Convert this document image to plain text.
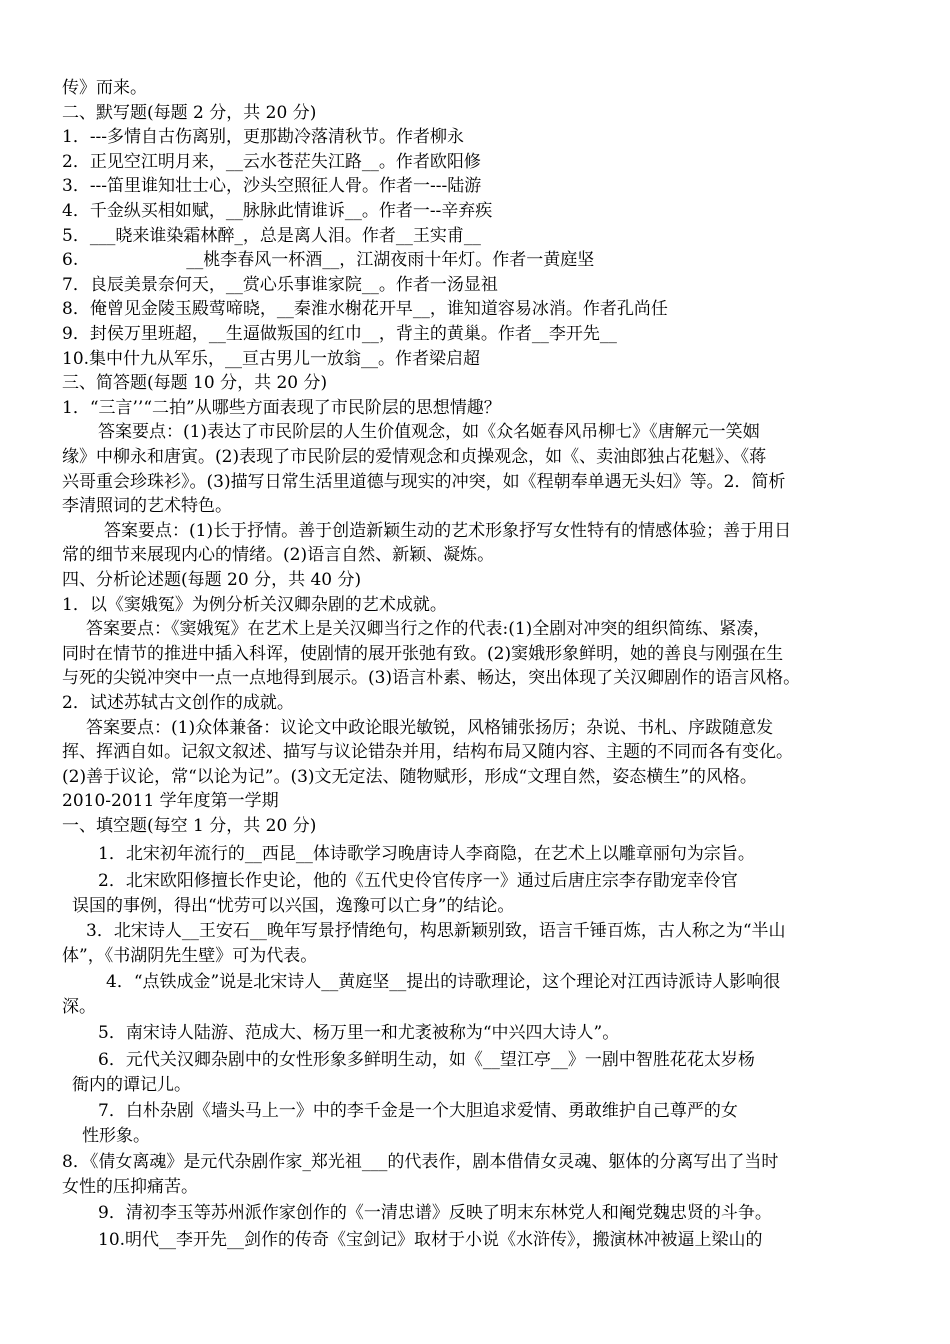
传》而来。
二、默写题(每题 2 分，共 20 分)
1．---多情自古伤离别，更那勘冷落清秋节。作者柳永
2．正见空江明月来，__云水苍茫失江路__。作者欧阳修
3．---笛里谁知壮士心，沙头空照征人骨。作者一---陆游
4．千金纵买相如赋，__脉脉此情谁诉__。作者一--辛弃疾
5．___晓来谁染霜林醉_，总是离人泪。作者__王实甫__
6.                    __桃李春风一杯酒__，江湖夜雨十年灯。作者一黄庭坚
7．良辰美景奈何天，__赏心乐事谁家院__。作者一汤显祖
8．俺曾见金陵玉殿莺啼晓，__秦淮水榭花开早__，谁知道容易冰消。作者孔尚任
9．封侯万里班超，__生逼做叛国的红巾__，背主的黄巢。作者__李开先__
10.集中什九从军乐，__亘古男儿一放翁__。作者梁启超
三、简答题(每题 10 分，共 20 分)
1．“三言’’“二拍”从哪些方面表现了市民阶层的思想情趣？
答案要点：(1)表达了市民阶层的人生价值观念，如《众名姬春风吊柳七》《唐解元一笑姻
缘》中柳永和唐寅。(2)表现了市民阶层的爱情观念和贞操观念，如《、卖油郎独占花魁》、《蒋
兴哥重会珍珠衫》。(3)描写日常生活里道德与现实的冲突，如《程朝奉单遇无头妇》等。2．简析
李清照词的艺术特色。
答案要点：(1)长于抒情。善于创造新颖生动的艺术形象抒写女性特有的情感体验；善于用日
常的细节来展现内心的情绪。(2)语言自然、新颖、凝炼。
四、分析论述题(每题 20 分，共 40 分)
1．以《窦娥冤》为例分析关汉卿杂剧的艺术成就。
答案要点：《窦娥冤》在艺术上是关汉卿当行之作的代表:(1)全剧对冲突的组织简练、紧凑，
同时在情节的推进中插入科诨，使剧情的展开张弛有致。(2)窦娥形象鲜明，她的善良与刚强在生
与死的尖锐冲突中一点一点地得到展示。(3)语言朴素、畅达，突出体现了关汉卿剧作的语言风格。
2．试述苏轼古文创作的成就。
答案要点：(1)众体兼备：议论文中政论眼光敏锐，风格铺张扬厉；杂说、书札、序跋随意发
挥、挥洒自如。记叙文叙述、描写与议论错杂并用，结构布局又随内容、主题的不同而各有变化。
(2)善于议论，常“以论为记”。(3)文无定法、随物赋形，形成“文理自然，姿态横生”的风格。
2010-2011 学年度第一学期
一、填空题(每空 1 分，共 20 分)
1．北宋初年流行的__西昆__体诗歌学习晚唐诗人李商隐，在艺术上以雕章丽句为宗旨。
2．北宋欧阳修擅长作史论，他的《五代史伶官传序一》通过后唐庄宗李存勖宠幸伶官
误国的事例，得出“忧劳可以兴国，逸豫可以亡身”的结论。
3．北宋诗人__王安石__晚年写景抒情绝句，构思新颖别致，语言千锤百炼，古人称之为“半山
体”，《书湖阴先生壁》可为代表。
4．“点铁成金”说是北宋诗人__黄庭坚__提出的诗歌理论，这个理论对江西诗派诗人影响很
深。
5．南宋诗人陆游、范成大、杨万里一和尤袤被称为“中兴四大诗人”。
6．元代关汉卿杂剧中的女性形象多鲜明生动，如《__望江亭__》一剧中智胜花花太岁杨
衙内的谭记儿。
7．白朴杂剧《墙头马上一》中的李千金是一个大胆追求爱情、勇敢维护自己尊严的女
性形象。
8．《倩女离魂》是元代杂剧作家_郑光祖___的代表作，剧本借倩女灵魂、躯体的分离写出了当时
女性的压抑痛苦。
9．清初李玉等苏州派作家创作的《一清忠谱》反映了明末东林党人和阉党魏忠贤的斗争。
10.明代__李开先__剑作的传奇《宝剑记》取材于小说《水浒传》，搬演林冲被逼上梁山的
